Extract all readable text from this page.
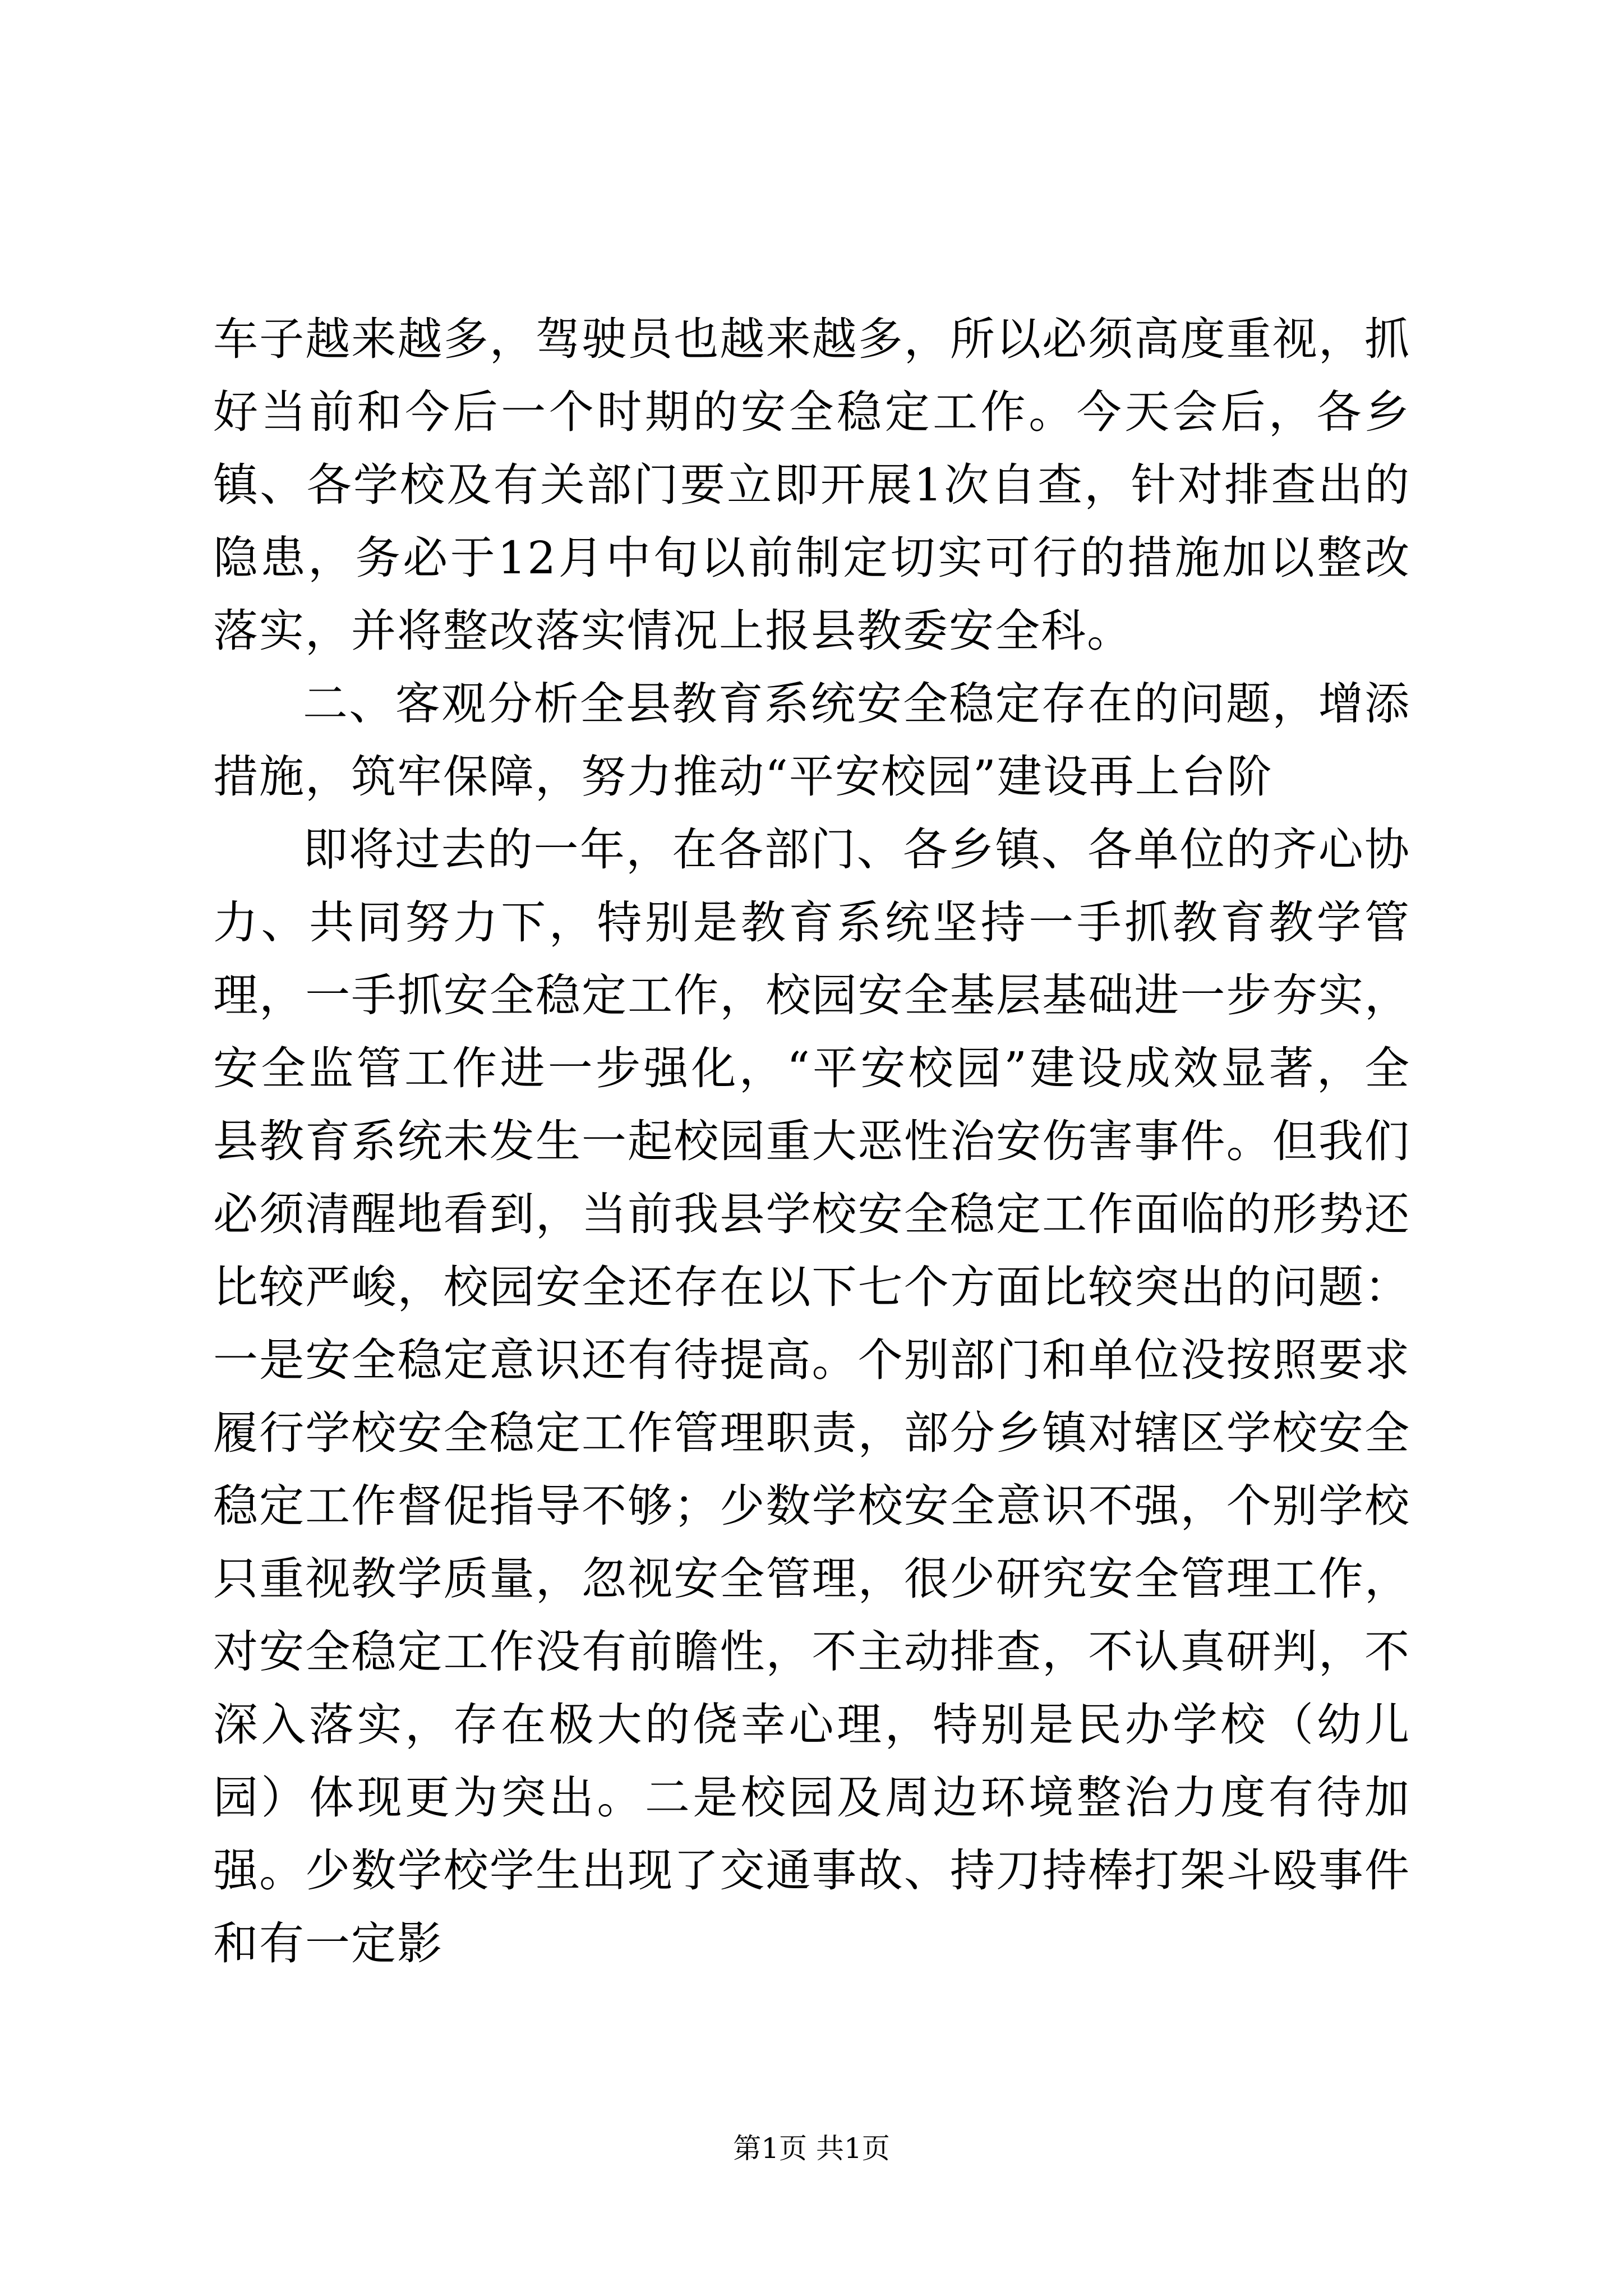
车子越来越多，驾驶员也越来越多，所以必须高度重视，抓好当前和今后一个时期的安全稳定工作。今天会后，各乡镇、各学校及有关部门要立即开展1次自查，针对排查出的隐患，务必于12月中旬以前制定切实可行的措施加以整改落实，并将整改落实情况上报县教委安全科。

二、客观分析全县教育系统安全稳定存在的问题，增添措施，筑牢保障，努力推动“平安校园”建设再上台阶

即将过去的一年，在各部门、各乡镇、各单位的齐心协力、共同努力下，特别是教育系统坚持一手抓教育教学管理，一手抓安全稳定工作，校园安全基层基础进一步夯实，安全监管工作进一步强化，“平安校园”建设成效显著，全县教育系统未发生一起校园重大恶性治安伤害事件。但我们必须清醒地看到，当前我县学校安全稳定工作面临的形势还比较严峻，校园安全还存在以下七个方面比较突出的问题：一是安全稳定意识还有待提高。个别部门和单位没按照要求履行学校安全稳定工作管理职责，部分乡镇对辖区学校安全稳定工作督促指导不够；少数学校安全意识不强，个别学校只重视教学质量，忽视安全管理，很少研究安全管理工作，对安全稳定工作没有前瞻性，不主动排查，不认真研判，不深入落实，存在极大的侥幸心理，特别是民办学校（幼儿园）体现更为突出。二是校园及周边环境整治力度有待加强。少数学校学生出现了交通事故、持刀持棒打架斗殴事件和有一定影

第1页 共1页
